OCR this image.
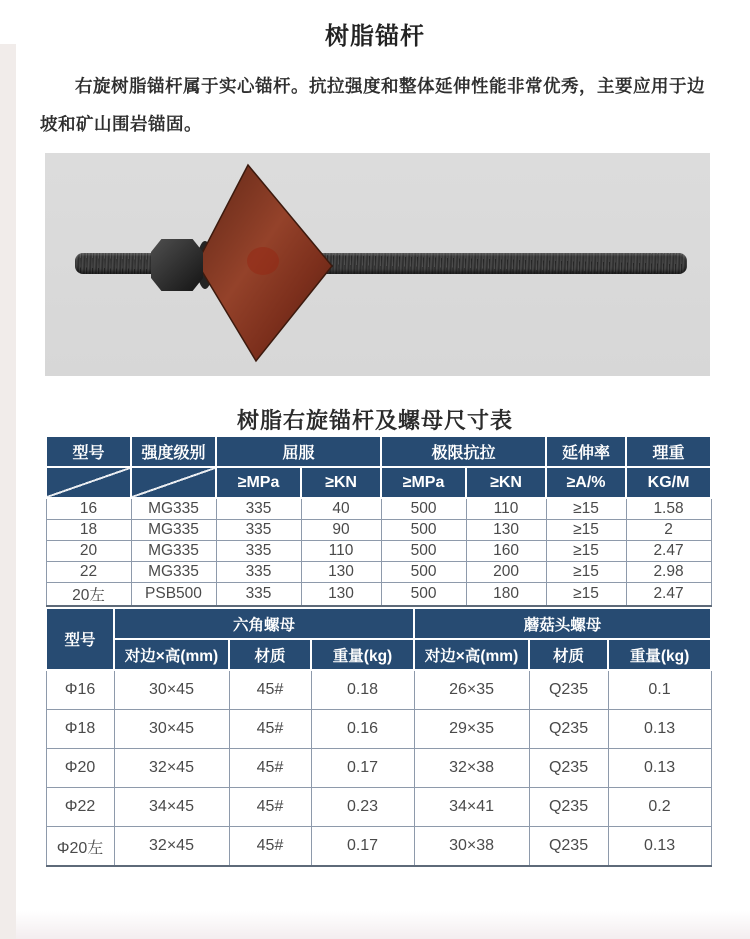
树脂锚杆

右旋树脂锚杆属于实心锚杆。抗拉强度和整体延伸性能非常优秀，主要应用于边坡和矿山围岩锚固。

树脂右旋锚杆及螺母尺寸表
型号	强度级别	屈服		极限抗拉		延伸率	理重
		≥MPa	≥KN	≥MPa	≥KN	≥A/%	KG/M
16	MG335	335	40	500	110	≥15	1.58
18	MG335	335	90	500	130	≥15	2
20	MG335	335	110	500	160	≥15	2.47
22	MG335	335	130	500	200	≥15	2.98
20左	PSB500	335	130	500	180	≥15	2.47
型号	六角螺母			蘑菇头螺母		
	对边×高(mm)	材质	重量(kg)	对边×高(mm)	材质	重量(kg)
Φ16	30×45	45#	0.18	26×35	Q235	0.1
Φ18	30×45	45#	0.16	29×35	Q235	0.13
Φ20	32×45	45#	0.17	32×38	Q235	0.13
Φ22	34×45	45#	0.23	34×41	Q235	0.2
Φ20左	32×45	45#	0.17	30×38	Q235	0.13
